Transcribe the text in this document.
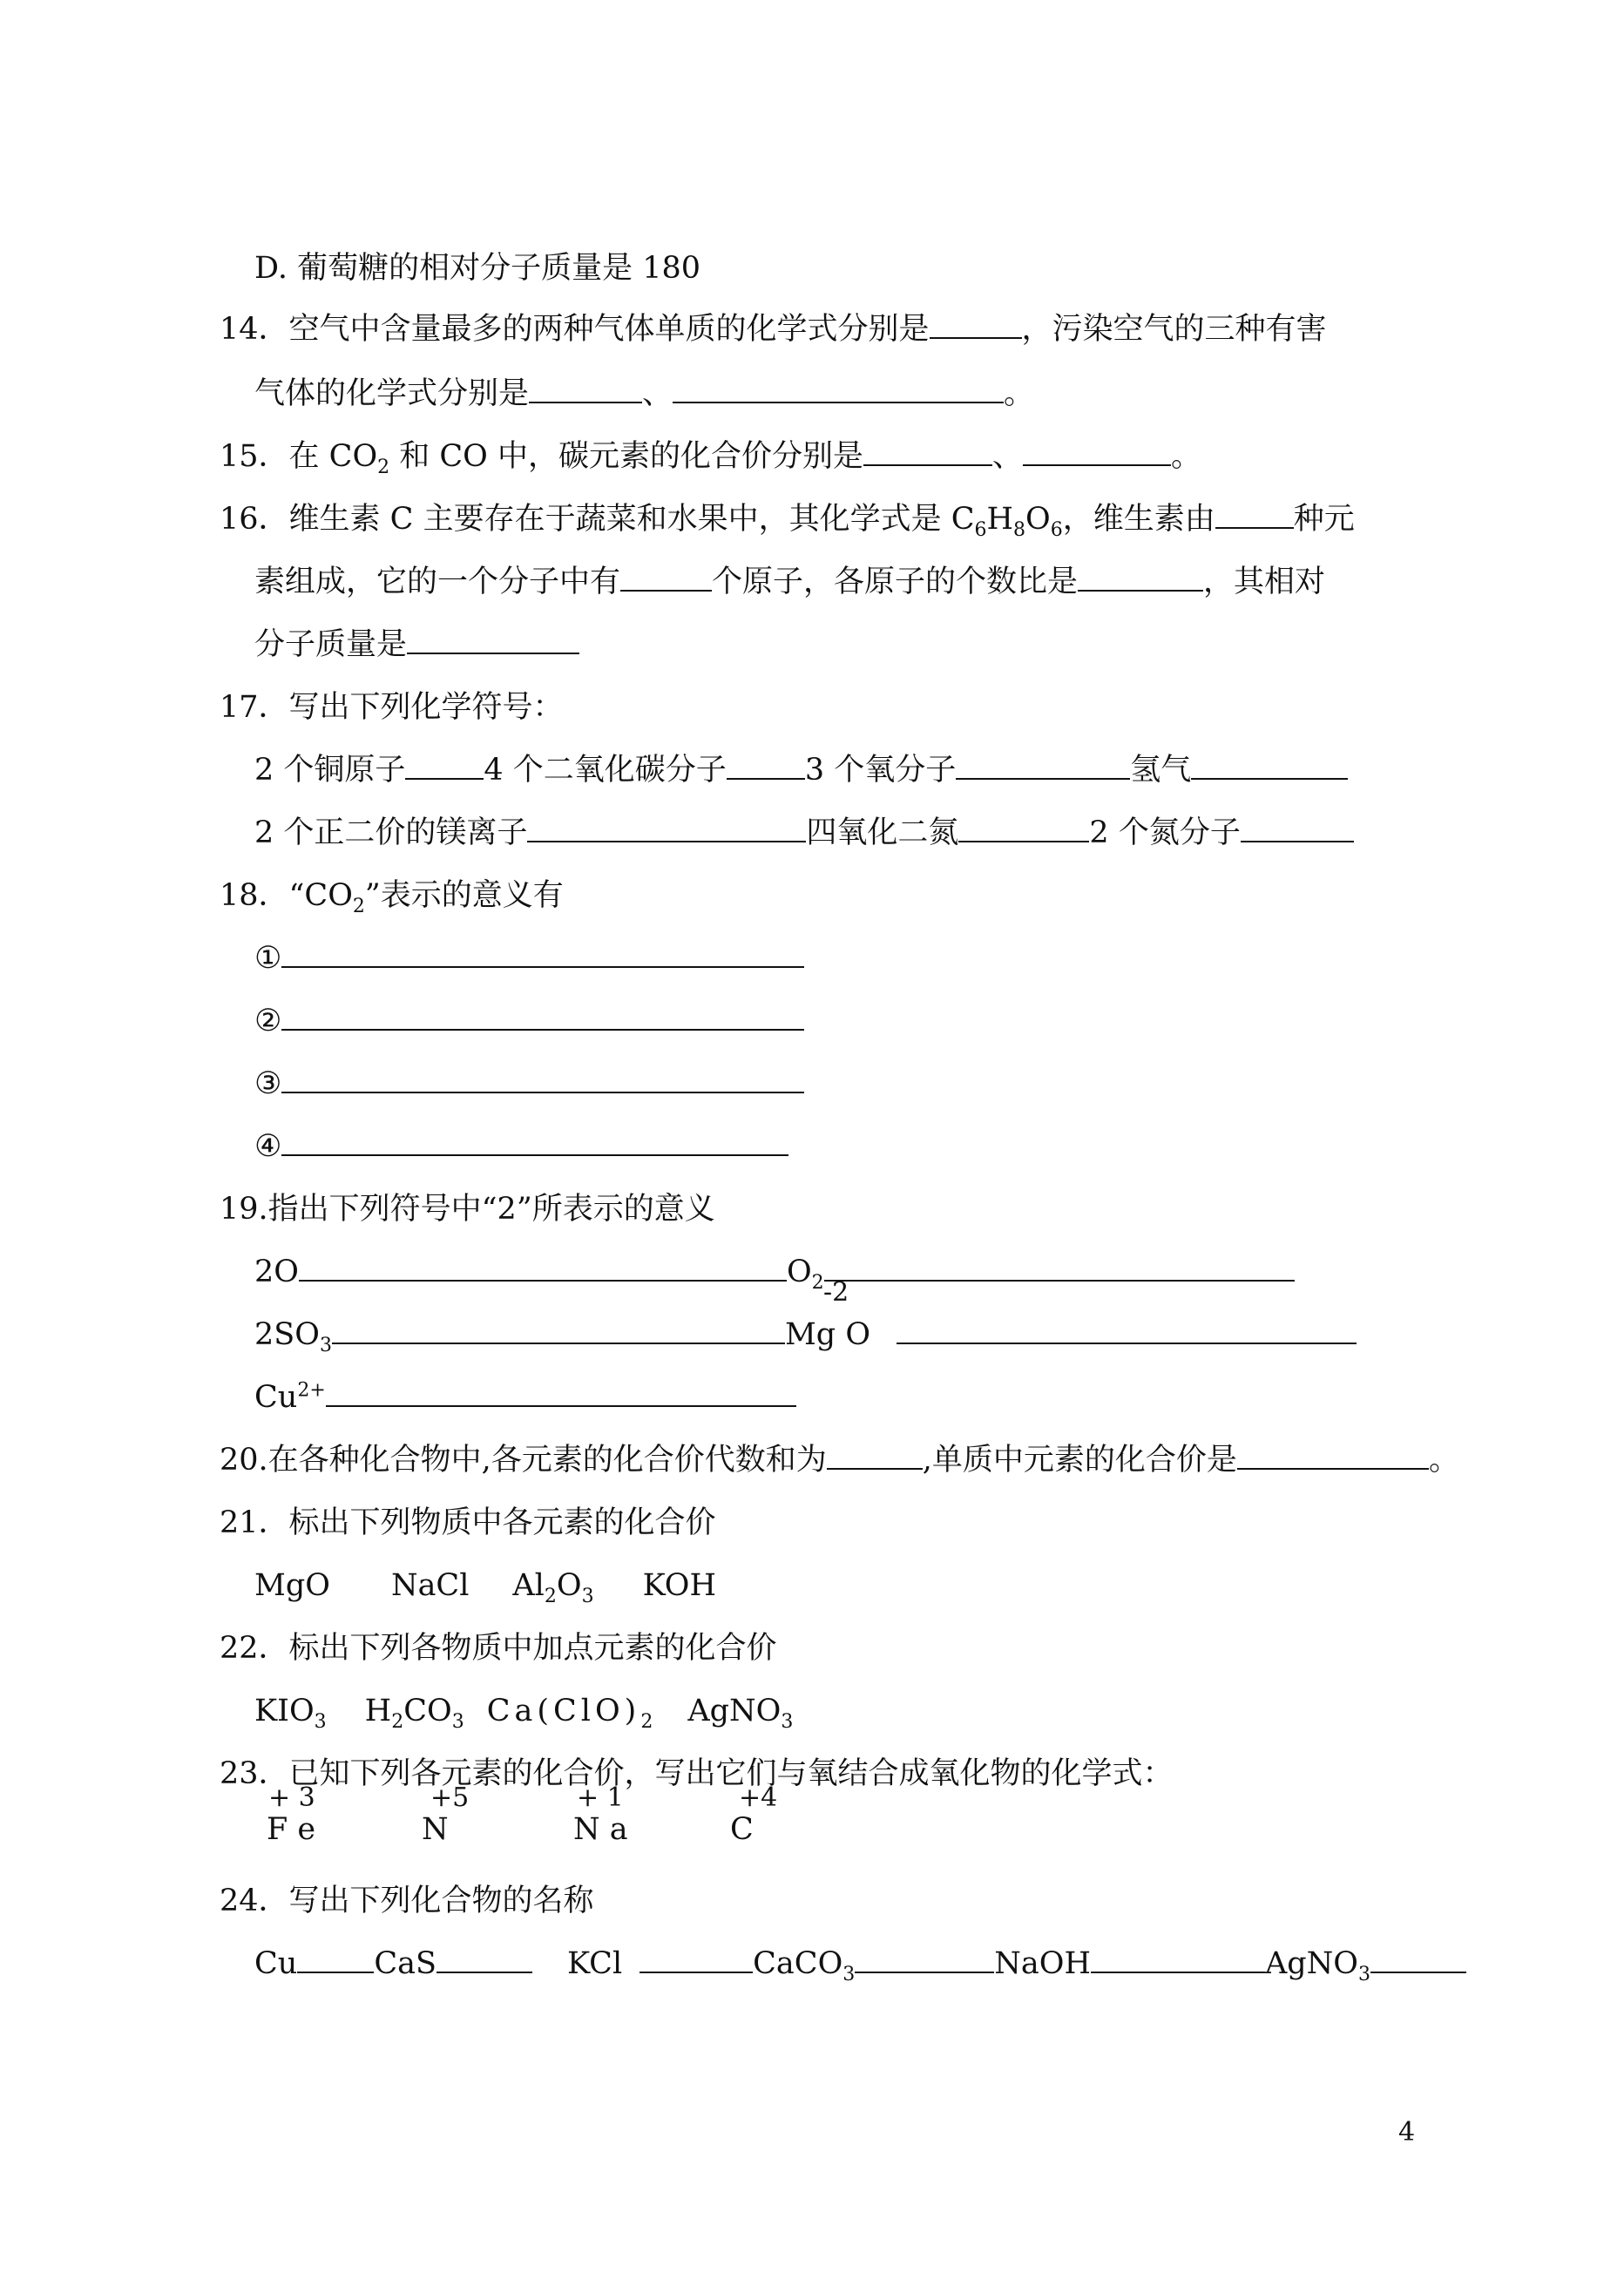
D. 葡萄糖的相对分子质量是 180
14．空气中含量最多的两种气体单质的化学式分别是	，污染空气的三种有害
气体的化学式分别是	、	。
15．在 $CO_2$ 和 CO 中，碳元素的化合价分别是	、	。
16．维生素 C 主要存在于蔬菜和水果中，其化学式是 $C_6H_8O_6$，维生素由	种元
素组成，它的一个分子中有	个原子，各原子的个数比是	，其相对
分子质量是
17．写出下列化学符号：
2 个铜原子	4 个二氧化碳分子	3 个氧分子	氢气
2 个正二价的镁离子	四氧化二氮	2 个氮分子
18．“$CO_2$”表示的意义有
①
②
③
④
19.指出下列符号中“2”所表示的意义
2O	$O_2$ -2
$2SO_3$	Mg O
$Cu^{2+}$
20.在各种化合物中,各元素的化合价代数和为	,单质中元素的化合价是	。
21．标出下列物质中各元素的化合价
MgO NaCl $Al_2O_3$ KOH
22．标出下列各物质中加点元素的化合价
$KIO_3$ $H_2CO_3$ $Ca(ClO)_2$ AgNO$_3$
23．已知下列各元素的化合价，写出它们与氧结合成氧化物的化学式：
+ 3	+5	+ 1	+4
F e	N	N a	C
24．写出下列化合物的名称
Cu	CaS	KCl	CaCO$_3$	NaOH	AgNO$_3$
4
